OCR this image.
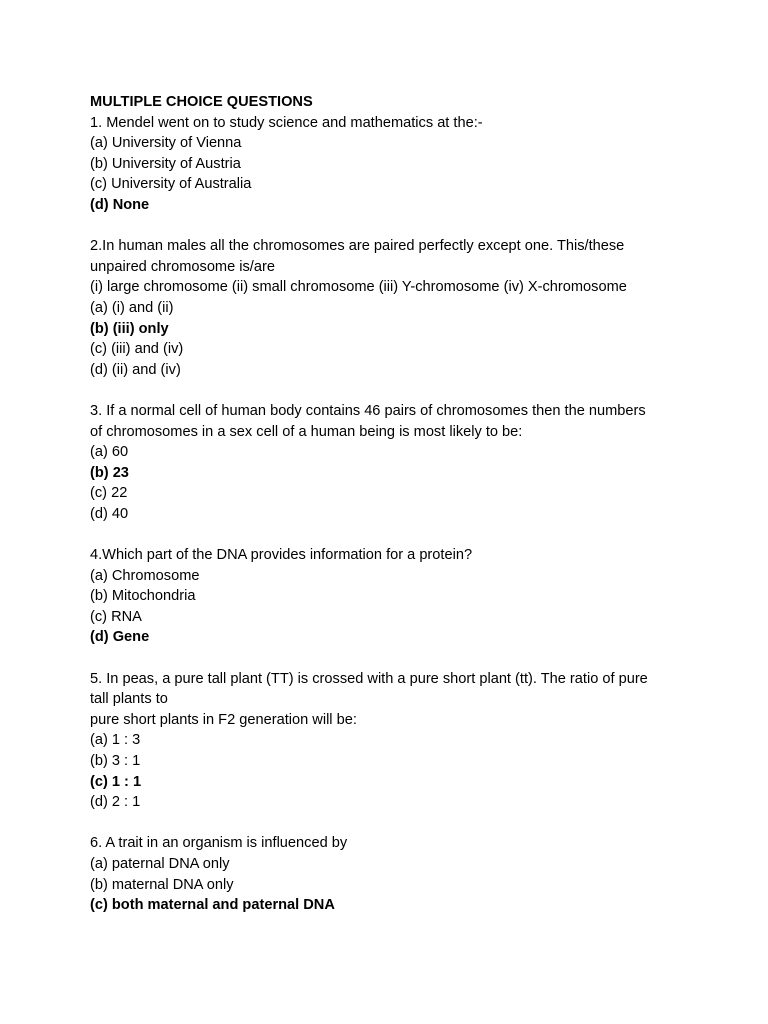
MULTIPLE CHOICE QUESTIONS
1. Mendel went on to study science and mathematics at the:-
(a) University of Vienna
(b) University of Austria
(c) University of Australia
(d) None
2.In human males all the chromosomes are paired perfectly except one. This/these
unpaired chromosome is/are
(i) large chromosome (ii) small chromosome (iii) Y-chromosome (iv) X-chromosome
(a) (i) and (ii)
(b) (iii) only
(c) (iii) and (iv)
(d) (ii) and (iv)
3. If a normal cell of human body contains 46 pairs of chromosomes then the numbers
of chromosomes in a sex cell of a human being is most likely to be:
(a) 60
(b) 23
(c) 22
(d) 40
4.Which part of the DNA provides information for a protein?
(a) Chromosome
(b) Mitochondria
(c) RNA
(d) Gene
5. In peas, a pure tall plant (TT) is crossed with a pure short plant (tt). The ratio of pure
tall plants to
pure short plants in F2 generation will be:
(a) 1 : 3
(b) 3 : 1
(c) 1 : 1
(d) 2 : 1
6. A trait in an organism is influenced by
(a) paternal DNA only
(b) maternal DNA only
(c) both maternal and paternal DNA
